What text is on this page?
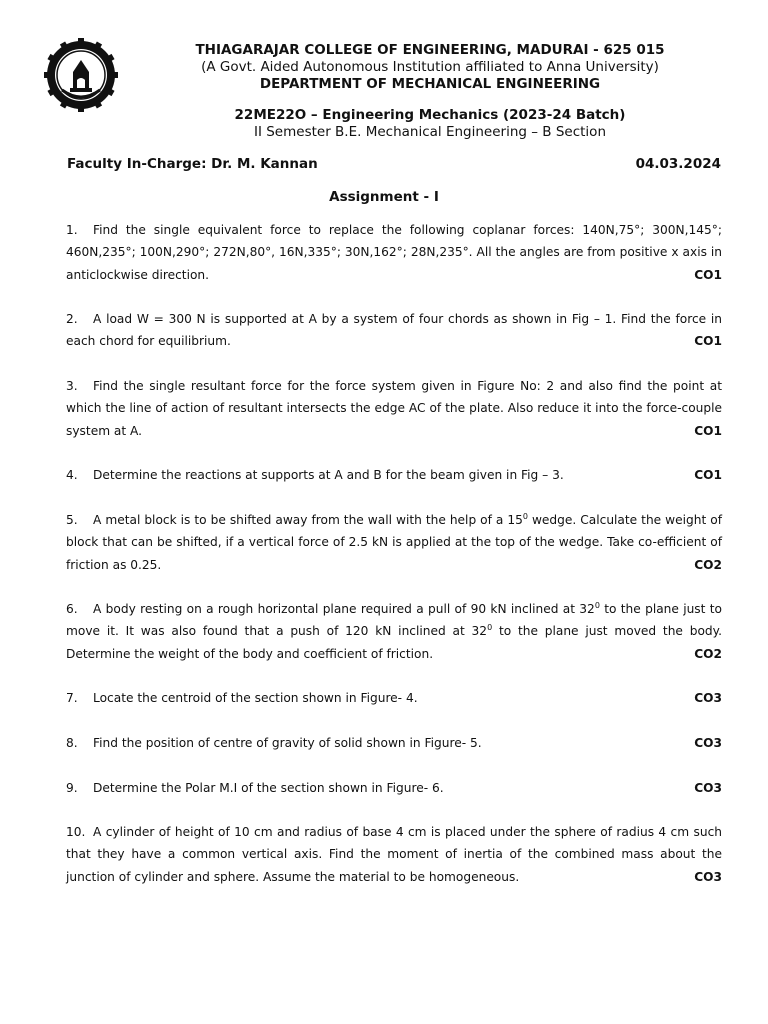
THIAGARAJAR COLLEGE OF ENGINEERING, MADURAI - 625 015
(A Govt. Aided Autonomous Institution affiliated to Anna University)
DEPARTMENT OF MECHANICAL ENGINEERING
22ME22O – Engineering Mechanics (2023-24 Batch)
II Semester B.E. Mechanical Engineering – B Section
Faculty In-Charge: Dr. M. Kannan	04.03.2024
Assignment - I
1. Find the single equivalent force to replace the following coplanar forces: 140N,75°; 300N,145°; 460N,235°; 100N,290°; 272N,80°, 16N,335°; 30N,162°; 28N,235°. All the angles are from positive x axis in anticlockwise direction.	CO1
2. A load W = 300 N is supported at A by a system of four chords as shown in Fig – 1. Find the force in each chord for equilibrium.	CO1
3. Find the single resultant force for the force system given in Figure No: 2 and also find the point at which the line of action of resultant intersects the edge AC of the plate. Also reduce it into the force-couple system at A.	CO1
4. Determine the reactions at supports at A and B for the beam given in Fig – 3.	CO1
5. A metal block is to be shifted away from the wall with the help of a $15^0$ wedge. Calculate the weight of block that can be shifted, if a vertical force of 2.5 kN is applied at the top of the wedge. Take co-efficient of friction as 0.25.	CO2
6. A body resting on a rough horizontal plane required a pull of 90 kN inclined at $32^0$ to the plane just to move it. It was also found that a push of 120 kN inclined at $32^0$ to the plane just moved the body. Determine the weight of the body and coefficient of friction.	CO2
7. Locate the centroid of the section shown in Figure- 4.	CO3
8. Find the position of centre of gravity of solid shown in Figure- 5.	CO3
9. Determine the Polar M.I of the section shown in Figure- 6.	CO3
10. A cylinder of height of 10 cm and radius of base 4 cm is placed under the sphere of radius 4 cm such that they have a common vertical axis. Find the moment of inertia of the combined mass about the junction of cylinder and sphere. Assume the material to be homogeneous.	CO3
